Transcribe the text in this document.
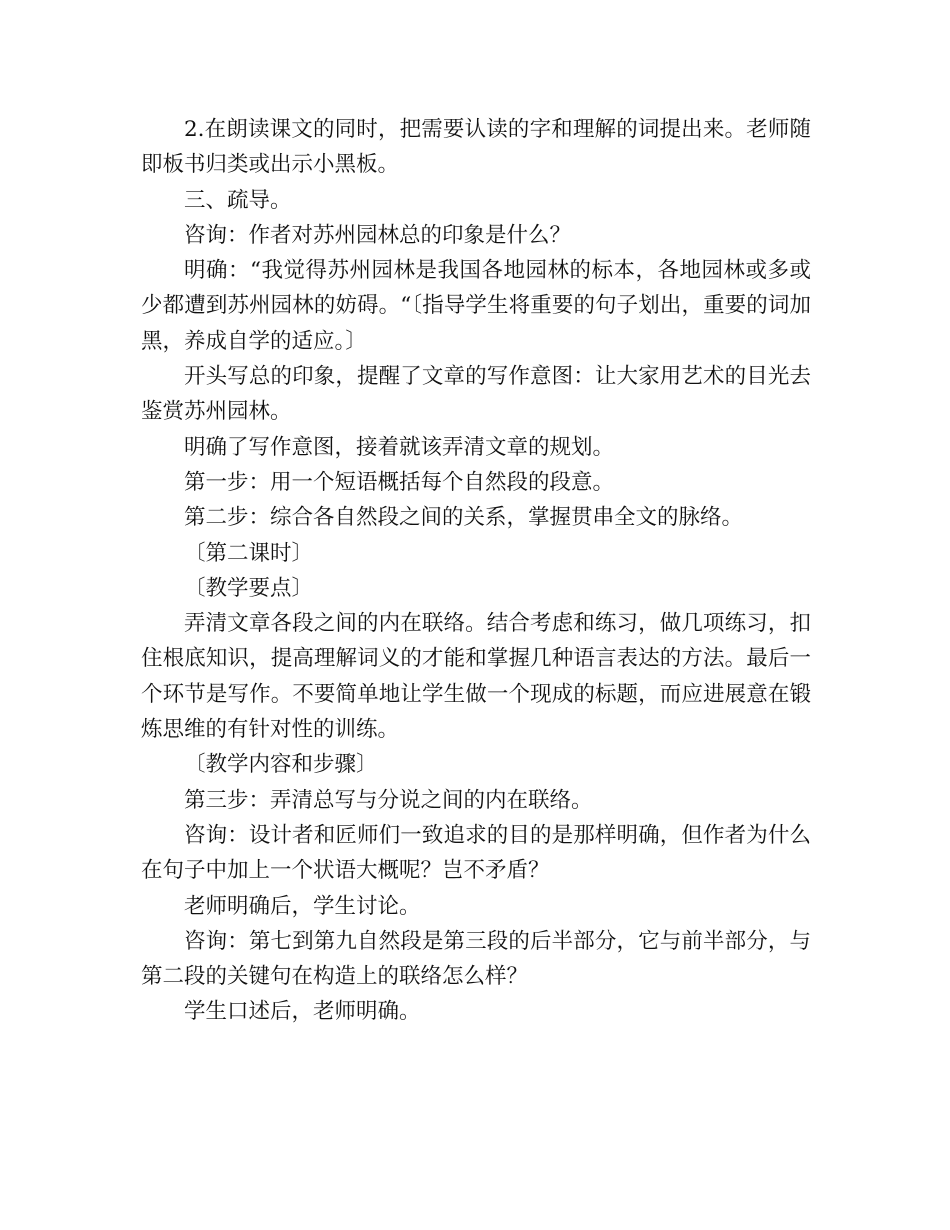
2.在朗读课文的同时，把需要认读的字和理解的词提出来。老师随即板书归类或出示小黑板。

三、疏导。

咨询：作者对苏州园林总的印象是什么？

明确：“我觉得苏州园林是我国各地园林的标本，各地园林或多或少都遭到苏州园林的妨碍。“〔指导学生将重要的句子划出，重要的词加黑，养成自学的适应。〕

开头写总的印象，提醒了文章的写作意图：让大家用艺术的目光去鉴赏苏州园林。

明确了写作意图，接着就该弄清文章的规划。

第一步：用一个短语概括每个自然段的段意。

第二步：综合各自然段之间的关系，掌握贯串全文的脉络。

〔第二课时〕

〔教学要点〕

弄清文章各段之间的内在联络。结合考虑和练习，做几项练习，扣住根底知识，提高理解词义的才能和掌握几种语言表达的方法。最后一个环节是写作。不要简单地让学生做一个现成的标题，而应进展意在锻炼思维的有针对性的训练。

〔教学内容和步骤〕

第三步：弄清总写与分说之间的内在联络。

咨询：设计者和匠师们一致追求的目的是那样明确，但作者为什么在句子中加上一个状语大概呢？岂不矛盾？

老师明确后，学生讨论。

咨询：第七到第九自然段是第三段的后半部分，它与前半部分，与第二段的关键句在构造上的联络怎么样？

学生口述后，老师明确。
